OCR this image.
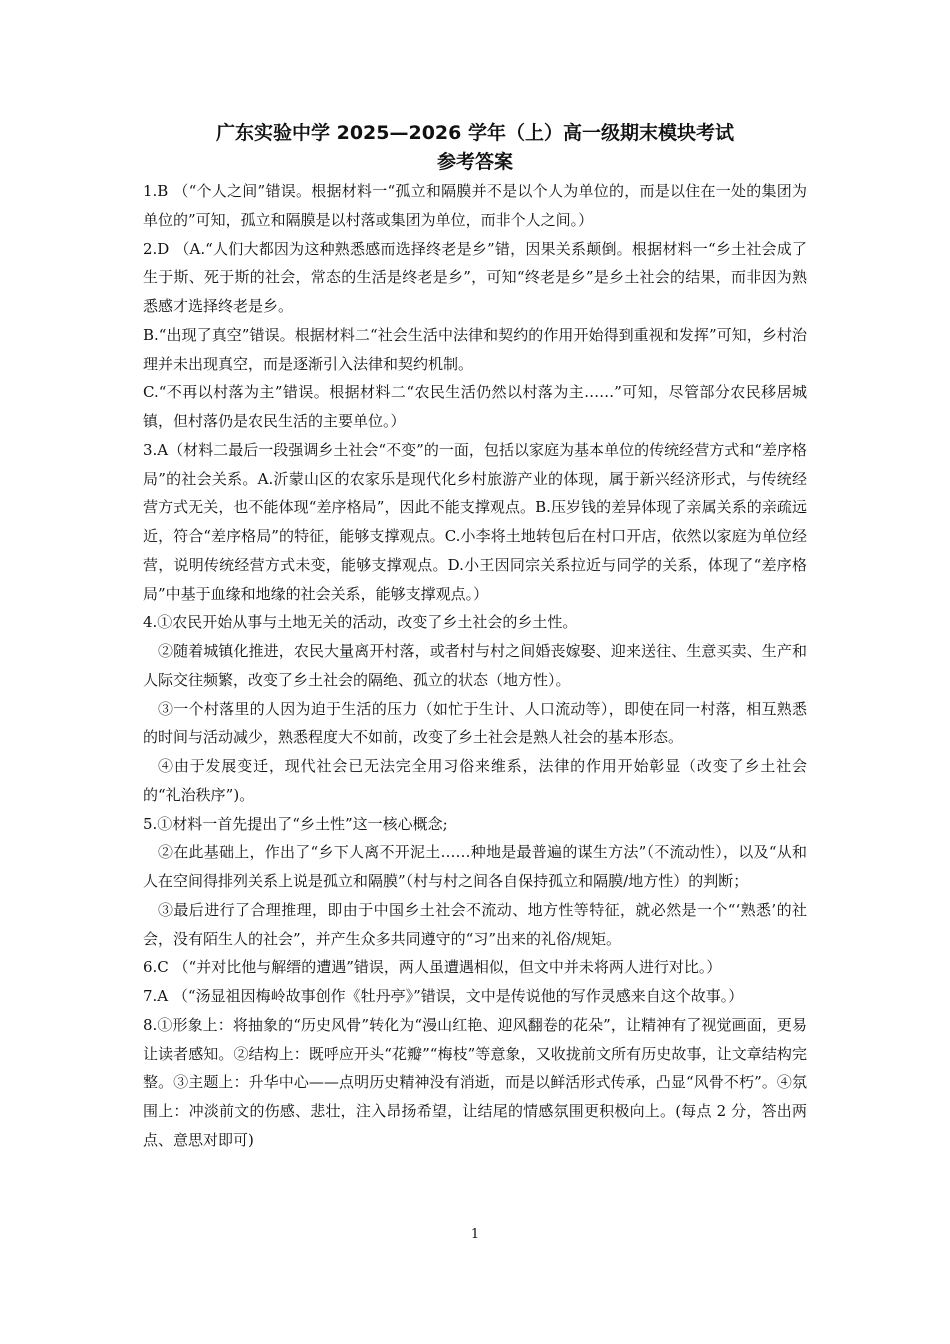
广东实验中学 2025—2026 学年（上）高一级期末模块考试
参考答案

1.B （“个人之间”错误。根据材料一“孤立和隔膜并不是以个人为单位的，而是以住在一处的集团为单位的”可知，孤立和隔膜是以村落或集团为单位，而非个人之间。）

2.D （A.“人们大都因为这种熟悉感而选择终老是乡”错，因果关系颠倒。根据材料一“乡土社会成了生于斯、死于斯的社会，常态的生活是终老是乡”，可知“终老是乡”是乡土社会的结果，而非因为熟悉感才选择终老是乡。

B.“出现了真空”错误。根据材料二“社会生活中法律和契约的作用开始得到重视和发挥”可知，乡村治理并未出现真空，而是逐渐引入法律和契约机制。

C.“不再以村落为主”错误。根据材料二“农民生活仍然以村落为主……”可知，尽管部分农民移居城镇，但村落仍是农民生活的主要单位。）

3.A（材料二最后一段强调乡土社会“不变”的一面，包括以家庭为基本单位的传统经营方式和“差序格局”的社会关系。A.沂蒙山区的农家乐是现代化乡村旅游产业的体现，属于新兴经济形式，与传统经营方式无关，也不能体现“差序格局”，因此不能支撑观点。B.压岁钱的差异体现了亲属关系的亲疏远近，符合“差序格局”的特征，能够支撑观点。C.小李将土地转包后在村口开店，依然以家庭为单位经营，说明传统经营方式未变，能够支撑观点。D.小王因同宗关系拉近与同学的关系，体现了“差序格局”中基于血缘和地缘的社会关系，能够支撑观点。）

4.①农民开始从事与土地无关的活动，改变了乡土社会的乡土性。

②随着城镇化推进，农民大量离开村落，或者村与村之间婚丧嫁娶、迎来送往、生意买卖、生产和人际交往频繁，改变了乡土社会的隔绝、孤立的状态（地方性）。

③一个村落里的人因为迫于生活的压力（如忙于生计、人口流动等），即使在同一村落，相互熟悉的时间与活动减少，熟悉程度大不如前，改变了乡土社会是熟人社会的基本形态。

④由于发展变迁，现代社会已无法完全用习俗来维系，法律的作用开始彰显（改变了乡土社会的“礼治秩序”)。

5.①材料一首先提出了“乡土性”这一核心概念;

②在此基础上，作出了“乡下人离不开泥土……种地是最普遍的谋生方法”（不流动性），以及“从和人在空间得排列关系上说是孤立和隔膜”（村与村之间各自保持孤立和隔膜/地方性）的判断；

③最后进行了合理推理，即由于中国乡土社会不流动、地方性等特征，就必然是一个“‘熟悉’的社会，没有陌生人的社会”，并产生众多共同遵守的“习”出来的礼俗/规矩。

6.C （“并对比他与解缙的遭遇”错误，两人虽遭遇相似，但文中并未将两人进行对比。）

7.A （“汤显祖因梅岭故事创作《牡丹亭》”错误，文中是传说他的写作灵感来自这个故事。）

8.①形象上：将抽象的“历史风骨”转化为“漫山红艳、迎风翻卷的花朵”，让精神有了视觉画面，更易让读者感知。②结构上：既呼应开头“花瓣”“梅枝”等意象，又收拢前文所有历史故事，让文章结构完整。③主题上：升华中心——点明历史精神没有消逝，而是以鲜活形式传承，凸显“风骨不朽”。④氛围上：冲淡前文的伤感、悲壮，注入昂扬希望，让结尾的情感氛围更积极向上。(每点 2 分，答出两点、意思对即可)

1
